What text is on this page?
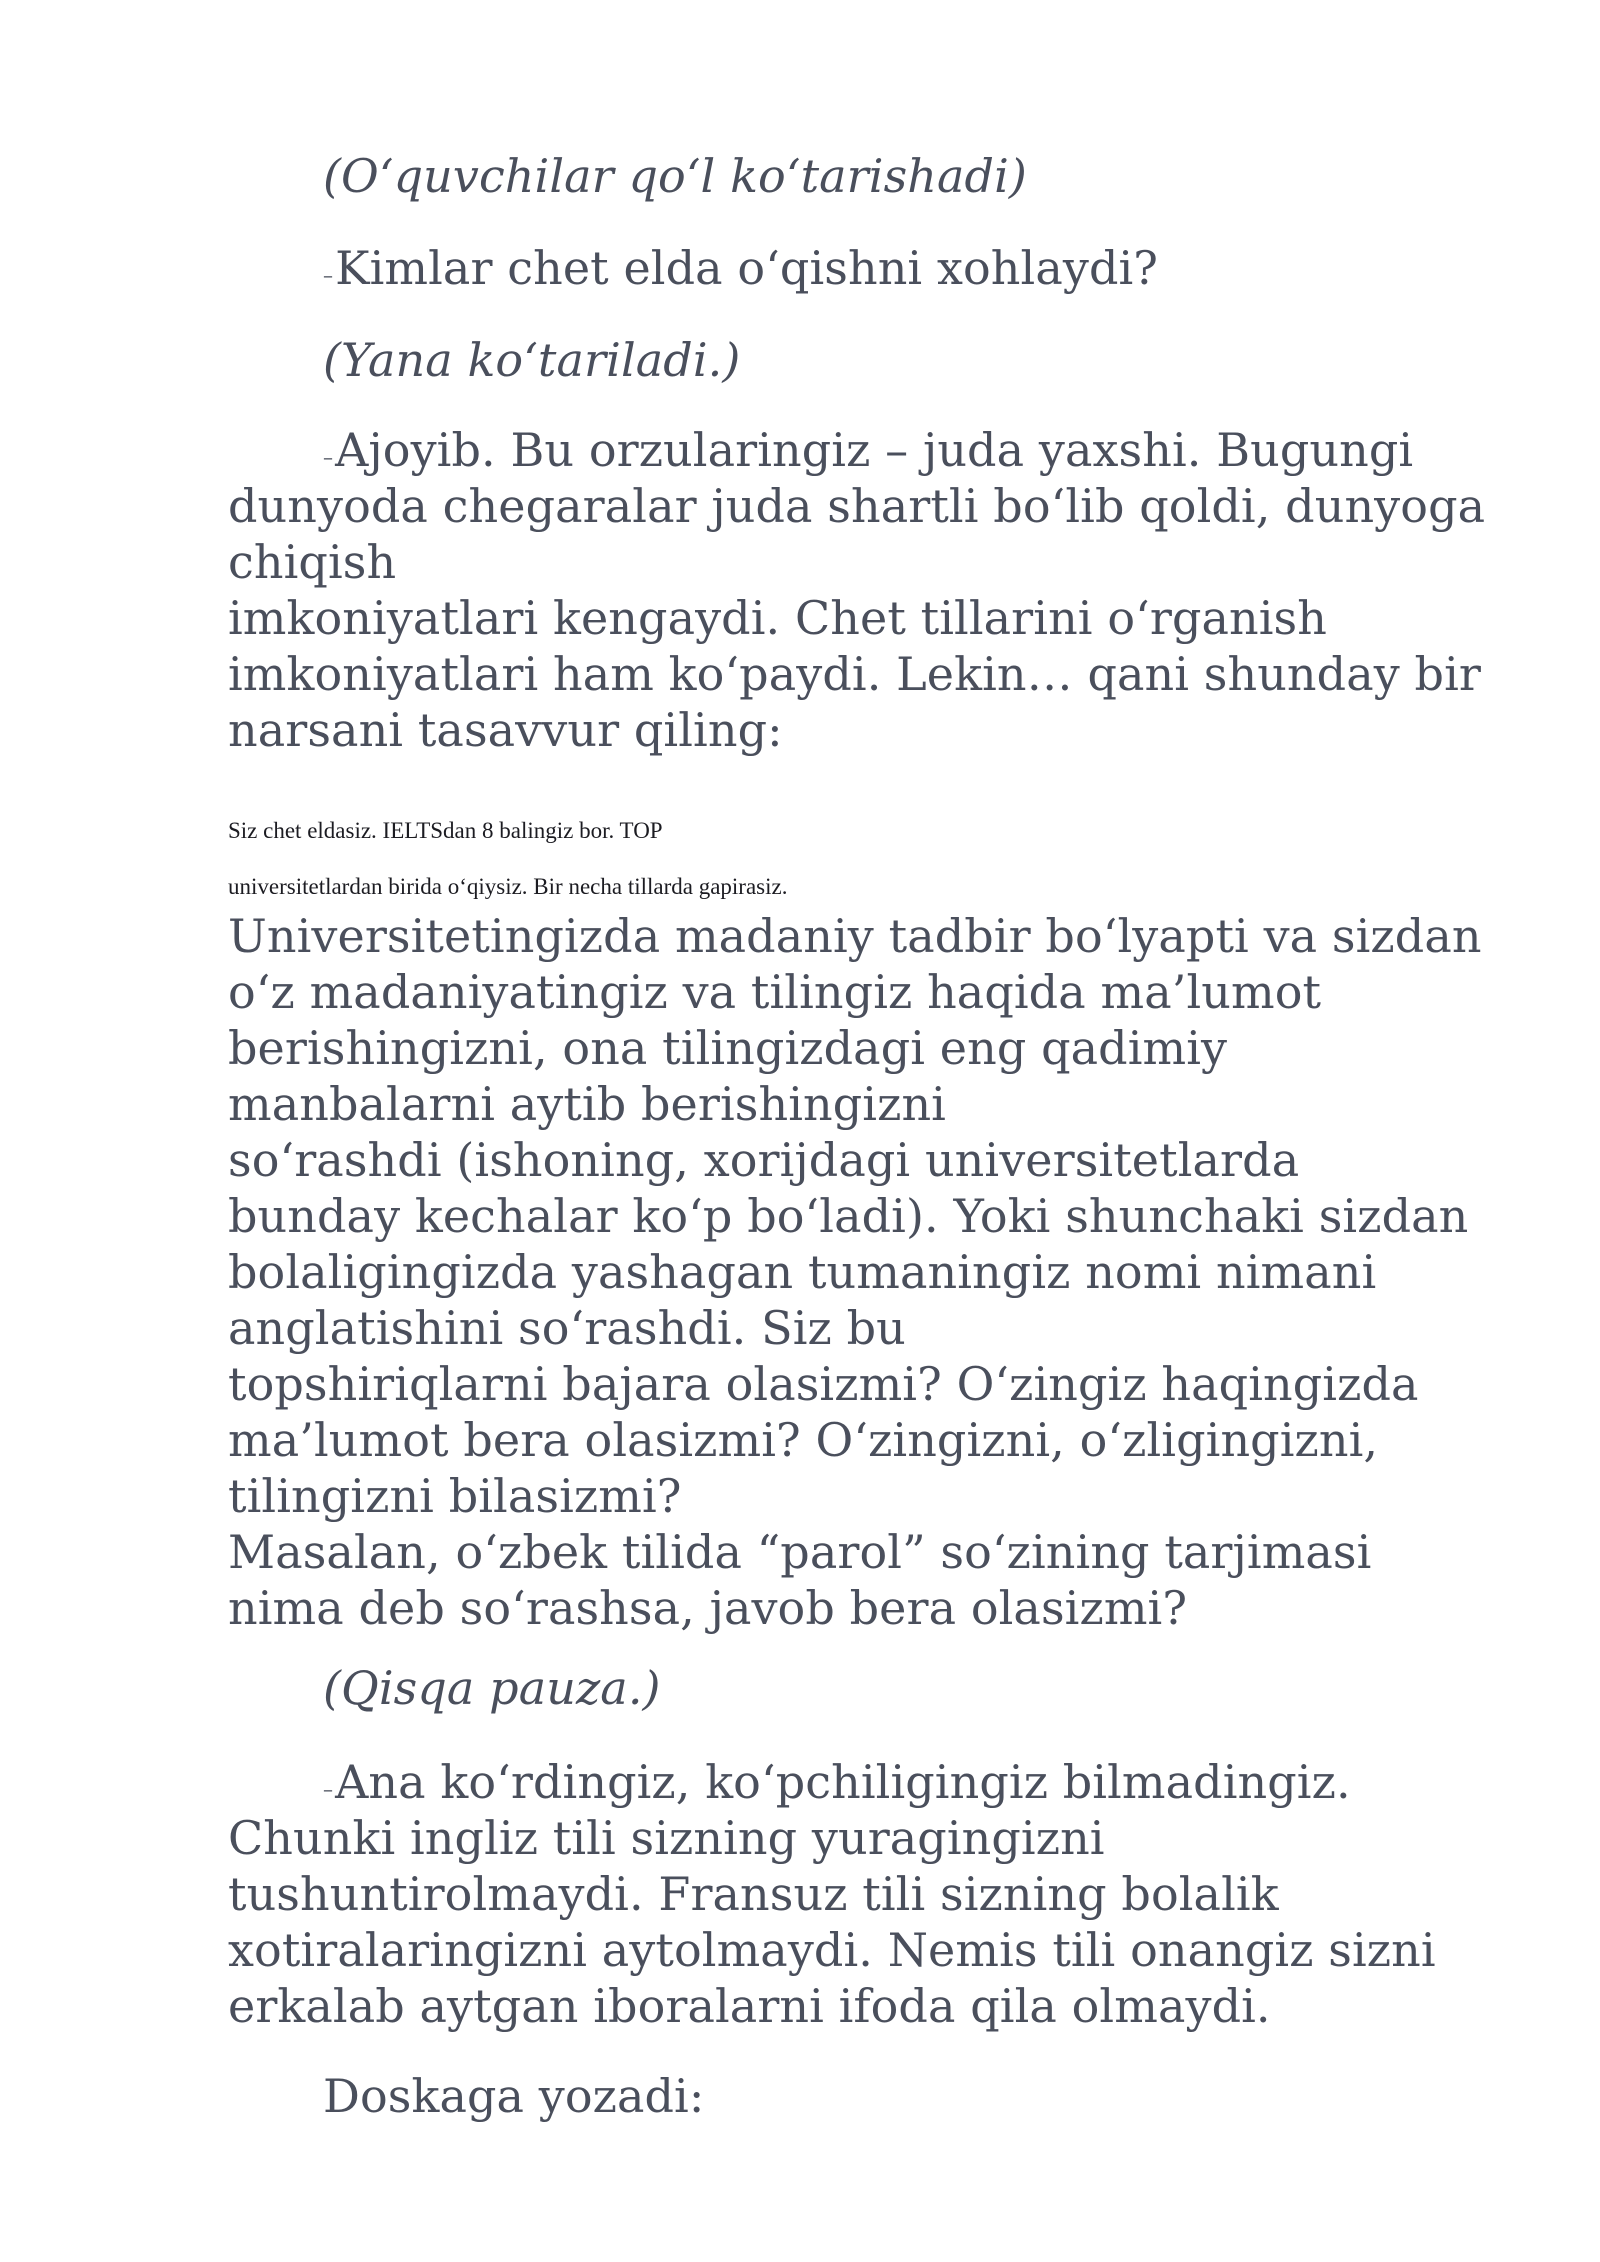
(O‘quvchilar qo‘l ko‘tarishadi)
–Kimlar chet elda o‘qishni xohlaydi?
(Yana ko‘tariladi.)
–Ajoyib. Bu orzularingiz – juda yaxshi. Bugungi
dunyoda chegaralar juda shartli bo‘lib qoldi, dunyoga
chiqish
imkoniyatlari kengaydi. Chet tillarini o‘rganish
imkoniyatlari ham ko‘paydi. Lekin… qani shunday bir
narsani tasavvur qiling:
Siz chet eldasiz. IELTSdan 8 balingiz bor. TOP
universitetlardan birida o‘qiysiz. Bir necha tillarda gapirasiz.
Universitetingizda madaniy tadbir bo‘lyapti va sizdan
o‘z madaniyatingiz va tilingiz haqida ma’lumot
berishingizni, ona tilingizdagi eng qadimiy
manbalarni aytib berishingizni
so‘rashdi (ishoning, xorijdagi universitetlarda
bunday kechalar ko‘p bo‘ladi). Yoki shunchaki sizdan
bolaligingizda yashagan tumaningiz nomi nimani
anglatishini so‘rashdi. Siz bu
topshiriqlarni bajara olasizmi? O‘zingiz haqingizda
ma’lumot bera olasizmi? O‘zingizni, o‘zligingizni,
tilingizni bilasizmi?
Masalan, o‘zbek tilida “parol” so‘zining tarjimasi
nima deb so‘rashsa, javob bera olasizmi?
(Qisqa pauza.)
–Ana ko‘rdingiz, ko‘pchiligingiz bilmadingiz.
Chunki ingliz tili sizning yuragingizni
tushuntirolmaydi. Fransuz tili sizning bolalik
xotiralaringizni aytolmaydi. Nemis tili onangiz sizni
erkalab aytgan iboralarni ifoda qila olmaydi.
Doskaga yozadi:
